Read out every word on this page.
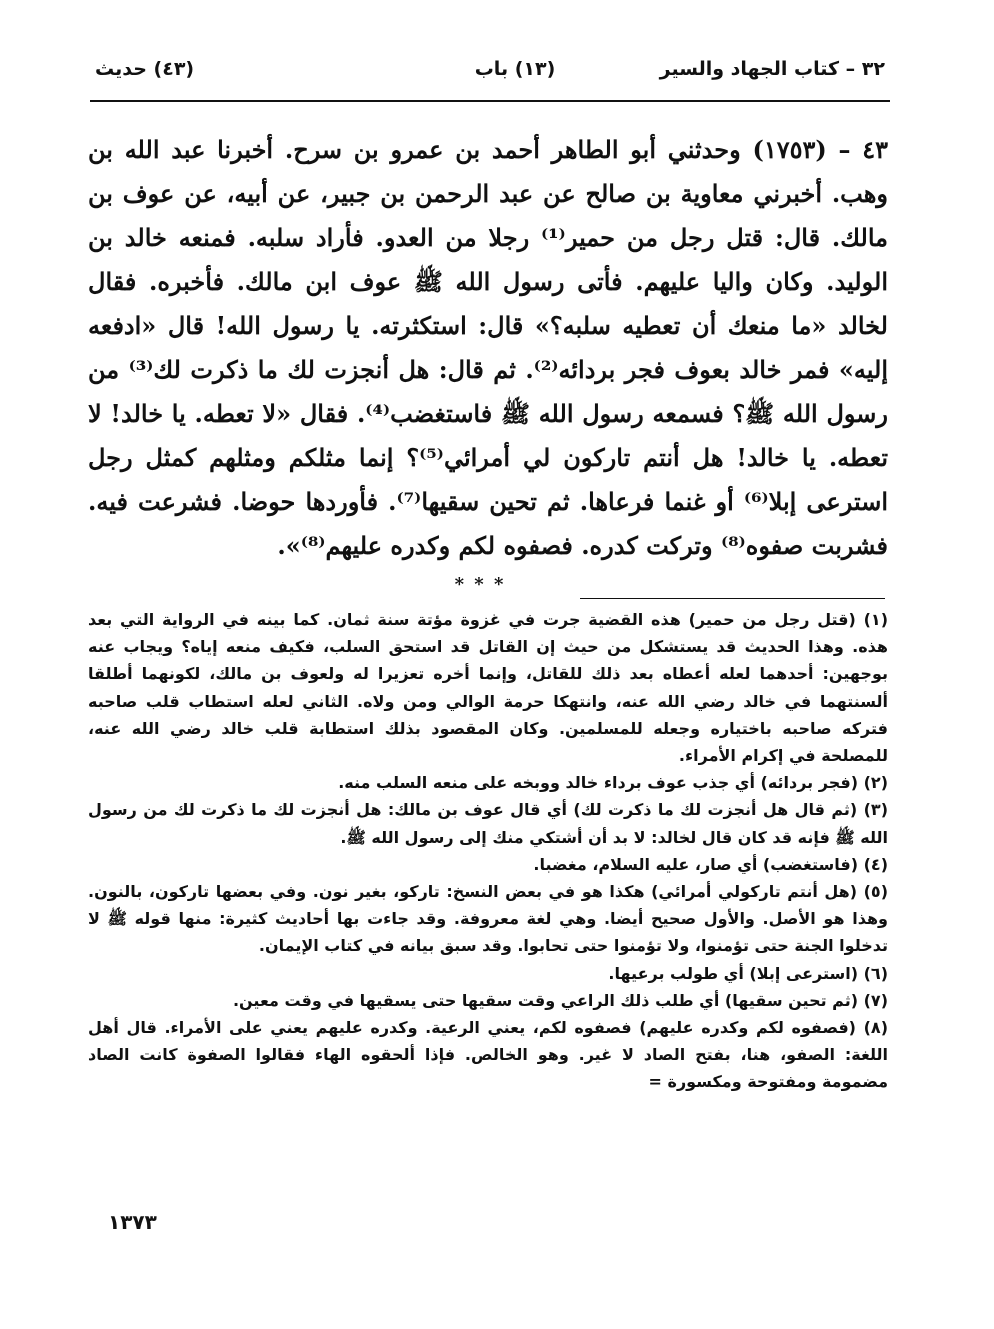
٣٢ – كتاب الجهاد والسير
(١٣) باب
(٤٣) حديث

٤٣ – (١٧٥٣) وحدثني أبو الطاهر أحمد بن عمرو بن سرح. أخبرنا عبد الله بن وهب. أخبرني معاوية بن صالح عن عبد الرحمن بن جبير، عن أبيه، عن عوف بن مالك. قال: قتل رجل من حمير⁽¹⁾ رجلا من العدو. فأراد سلبه. فمنعه خالد بن الوليد. وكان واليا عليهم. فأتى رسول الله ﷺ عوف ابن مالك. فأخبره. فقال لخالد «ما منعك أن تعطيه سلبه؟» قال: استكثرته. يا رسول الله! قال «ادفعه إليه» فمر خالد بعوف فجر بردائه⁽²⁾. ثم قال: هل أنجزت لك ما ذكرت لك⁽³⁾ من رسول الله ﷺ؟ فسمعه رسول الله ﷺ فاستغضب⁽⁴⁾. فقال «لا تعطه. يا خالد! لا تعطه. يا خالد! هل أنتم تاركون لي أمرائي⁽⁵⁾؟ إنما مثلكم ومثلهم كمثل رجل استرعى إبلا⁽⁶⁾ أو غنما فرعاها. ثم تحين سقيها⁽⁷⁾. فأوردها حوضا. فشرعت فيه. فشربت صفوه⁽⁸⁾ وتركت كدره. فصفوه لكم وكدره عليهم⁽⁸⁾».

* * *

(١) (قتل رجل من حمير) هذه القضية جرت في غزوة مؤتة سنة ثمان. كما بينه في الرواية التي بعد هذه. وهذا الحديث قد يستشكل من حيث إن القاتل قد استحق السلب، فكيف منعه إياه؟ ويجاب عنه بوجهين: أحدهما لعله أعطاه بعد ذلك للقاتل، وإنما أخره تعزيرا له ولعوف بن مالك، لكونهما أطلقا ألسنتهما في خالد رضي الله عنه، وانتهكا حرمة الوالي ومن ولاه. الثاني لعله استطاب قلب صاحبه فتركه صاحبه باختياره وجعله للمسلمين. وكان المقصود بذلك استطابة قلب خالد رضي الله عنه، للمصلحة في إكرام الأمراء.

(٢) (فجر بردائه) أي جذب عوف برداء خالد ووبخه على منعه السلب منه.

(٣) (ثم قال هل أنجزت لك ما ذكرت لك) أي قال عوف بن مالك: هل أنجزت لك ما ذكرت لك من رسول الله ﷺ فإنه قد كان قال لخالد: لا بد أن أشتكي منك إلى رسول الله ﷺ.

(٤) (فاستغضب) أي صار، عليه السلام، مغضبا.

(٥) (هل أنتم تاركولي أمرائي) هكذا هو في بعض النسخ: تاركو، بغير نون. وفي بعضها تاركون، بالنون. وهذا هو الأصل. والأول صحيح أيضا. وهي لغة معروفة. وقد جاءت بها أحاديث كثيرة: منها قوله ﷺ لا تدخلوا الجنة حتى تؤمنوا، ولا تؤمنوا حتى تحابوا. وقد سبق بيانه في كتاب الإيمان.

(٦) (استرعى إبلا) أي طولب برعيها.

(٧) (ثم تحين سقيها) أي طلب ذلك الراعي وقت سقيها حتى يسقيها في وقت معين.

(٨) (فصفوه لكم وكدره عليهم) فصفوه لكم، يعني الرعية. وكدره عليهم يعني على الأمراء. قال أهل اللغة: الصفو، هنا، بفتح الصاد لا غير. وهو الخالص. فإذا ألحقوه الهاء فقالوا الصفوة كانت الصاد مضمومة ومفتوحة ومكسورة =

١٣٧٣
